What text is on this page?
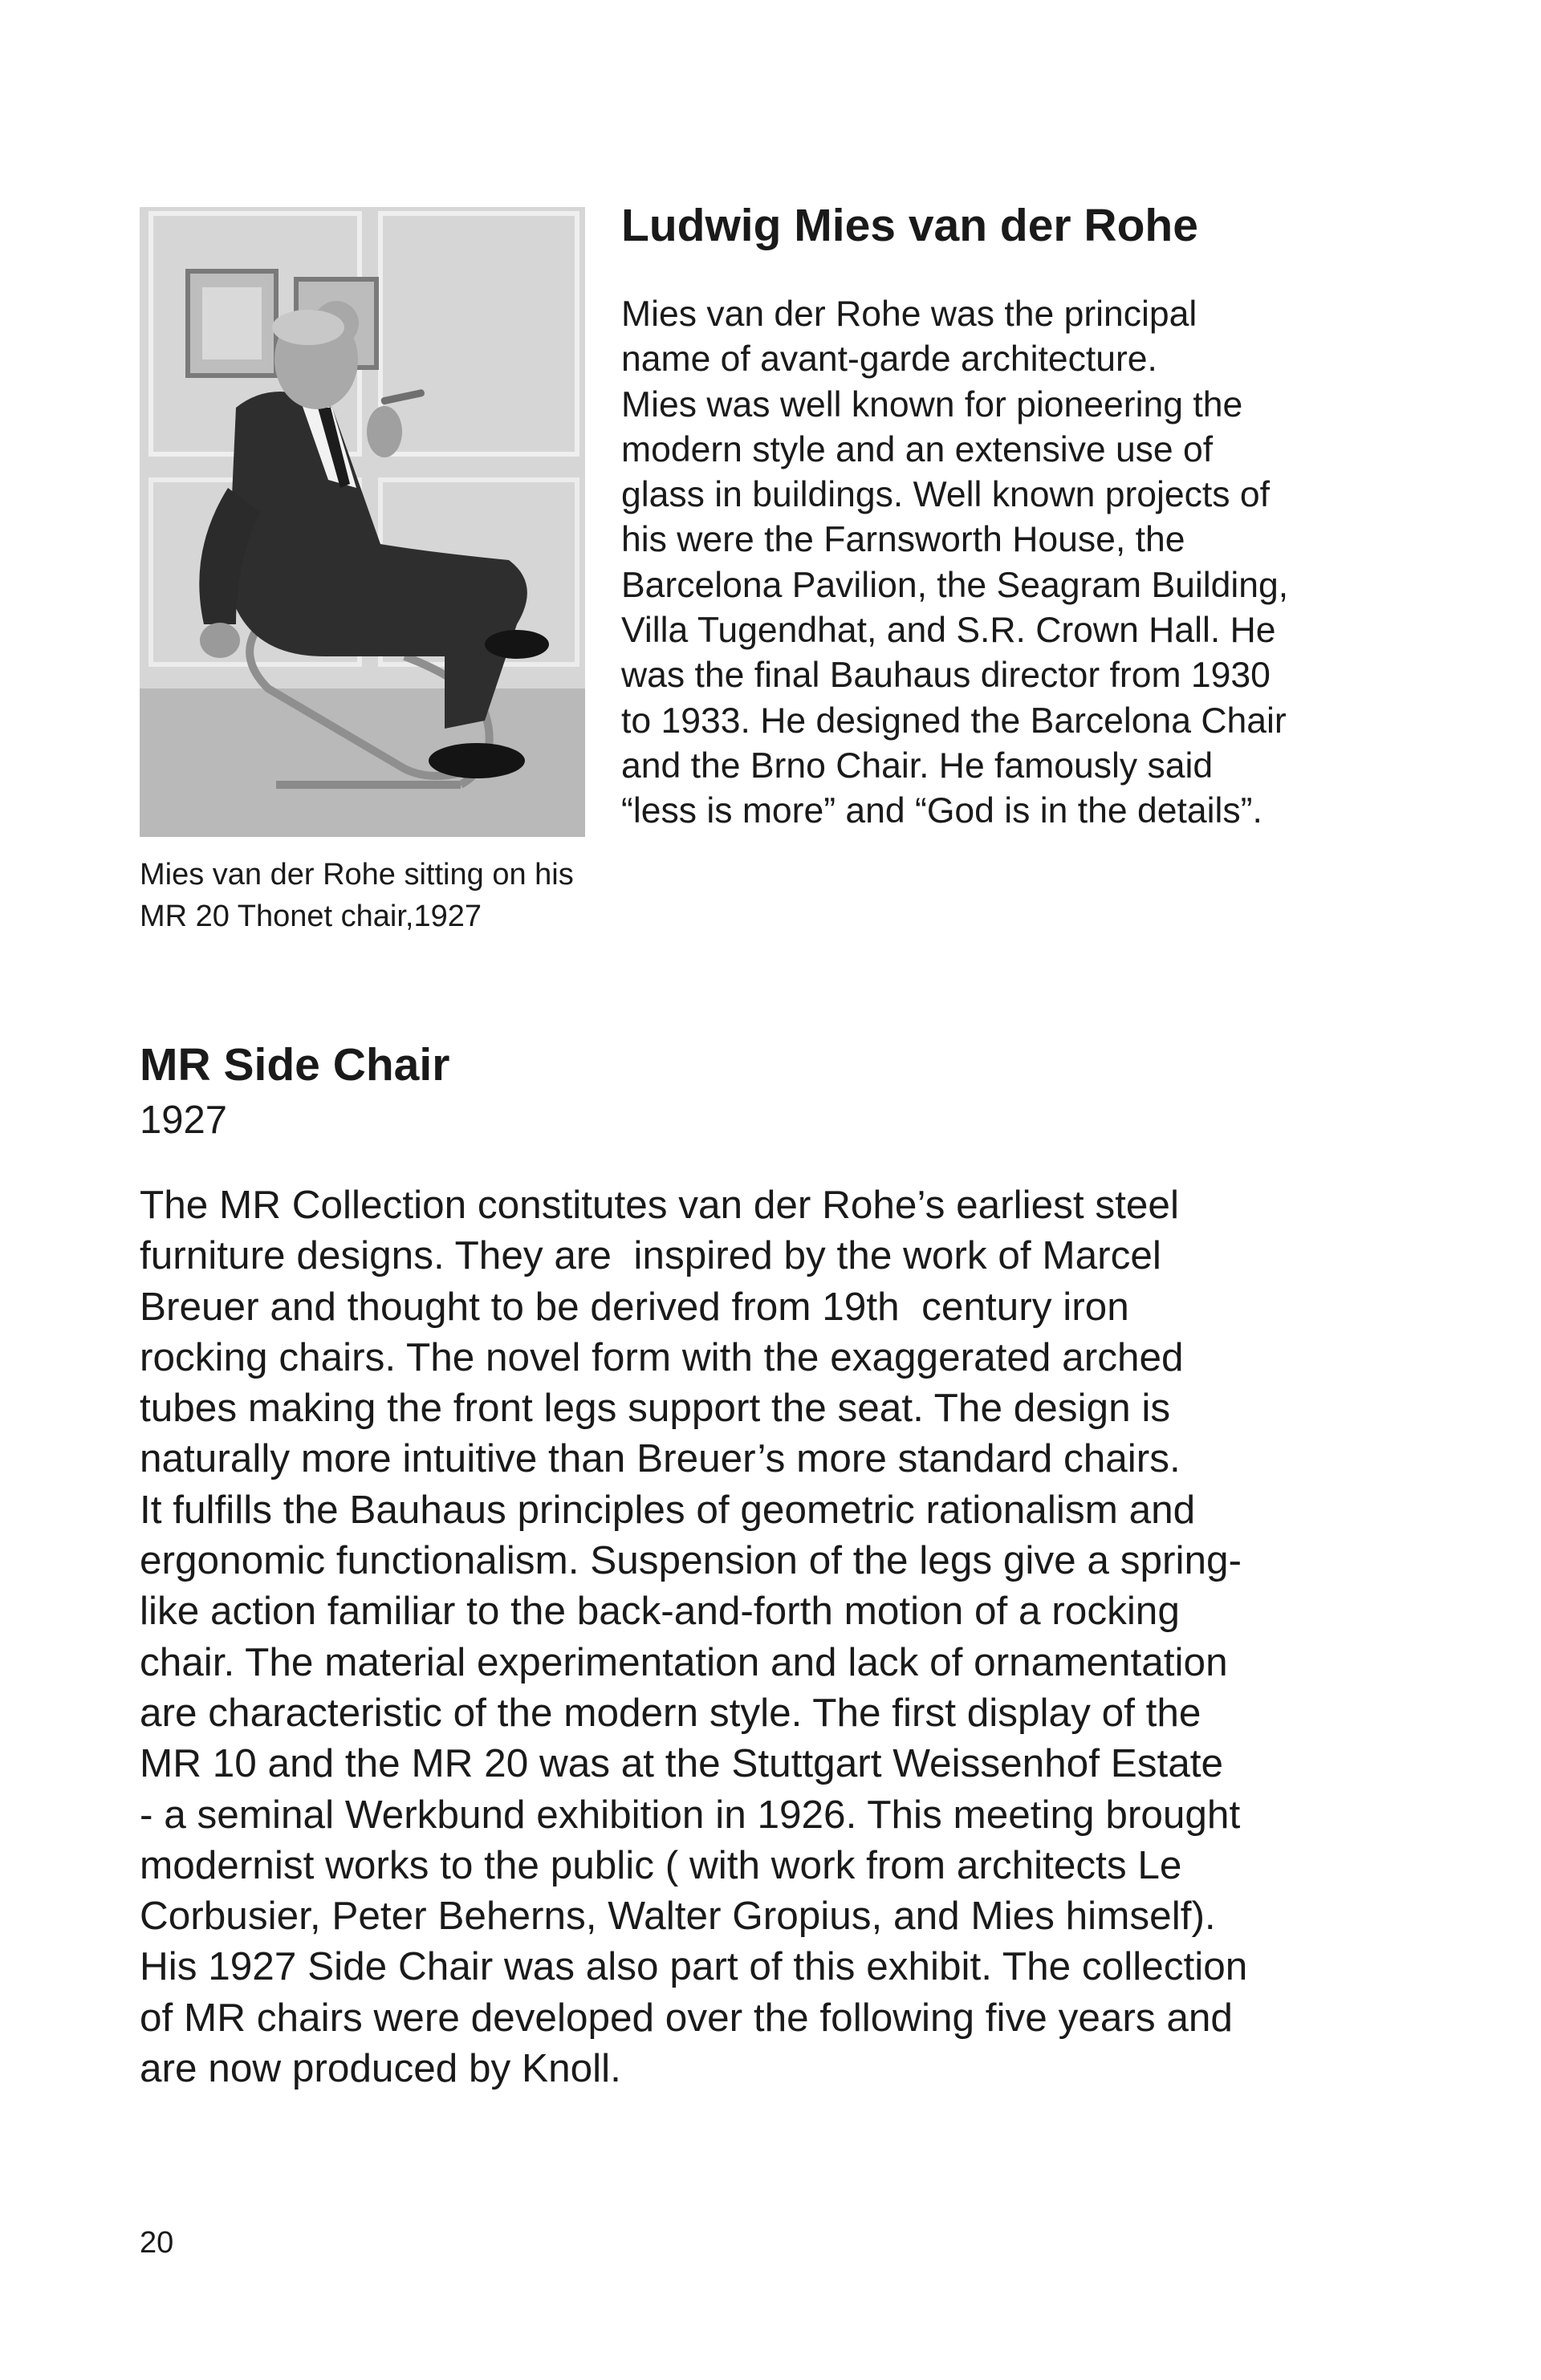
Mies van der Rohe sitting on his
MR 20 Thonet chair,1927
Ludwig Mies van der Rohe
Mies van der Rohe was the principal
name of avant-garde architecture.
Mies was well known for pioneering the
modern style and an extensive use of
glass in buildings. Well known projects of
his were the Farnsworth House, the
Barcelona Pavilion, the Seagram Building,
Villa Tugendhat, and S.R. Crown Hall. He
was the final Bauhaus director from 1930
to 1933. He designed the Barcelona Chair
and the Brno Chair. He famously said
“less is more” and “God is in the details”.
MR Side Chair
1927
The MR Collection constitutes van der Rohe’s earliest steel
furniture designs. They are  inspired by the work of Marcel
Breuer and thought to be derived from 19th  century iron
rocking chairs. The novel form with the exaggerated arched
tubes making the front legs support the seat. The design is
naturally more intuitive than Breuer’s more standard chairs.
It fulfills the Bauhaus principles of geometric rationalism and
ergonomic functionalism. Suspension of the legs give a spring-
like action familiar to the back-and-forth motion of a rocking
chair. The material experimentation and lack of ornamentation
are characteristic of the modern style. The first display of the
MR 10 and the MR 20 was at the Stuttgart Weissenhof Estate
- a seminal Werkbund exhibition in 1926. This meeting brought
modernist works to the public ( with work from architects Le
Corbusier, Peter Beherns, Walter Gropius, and Mies himself).
His 1927 Side Chair was also part of this exhibit. The collection
of MR chairs were developed over the following five years and
are now produced by Knoll.
20
